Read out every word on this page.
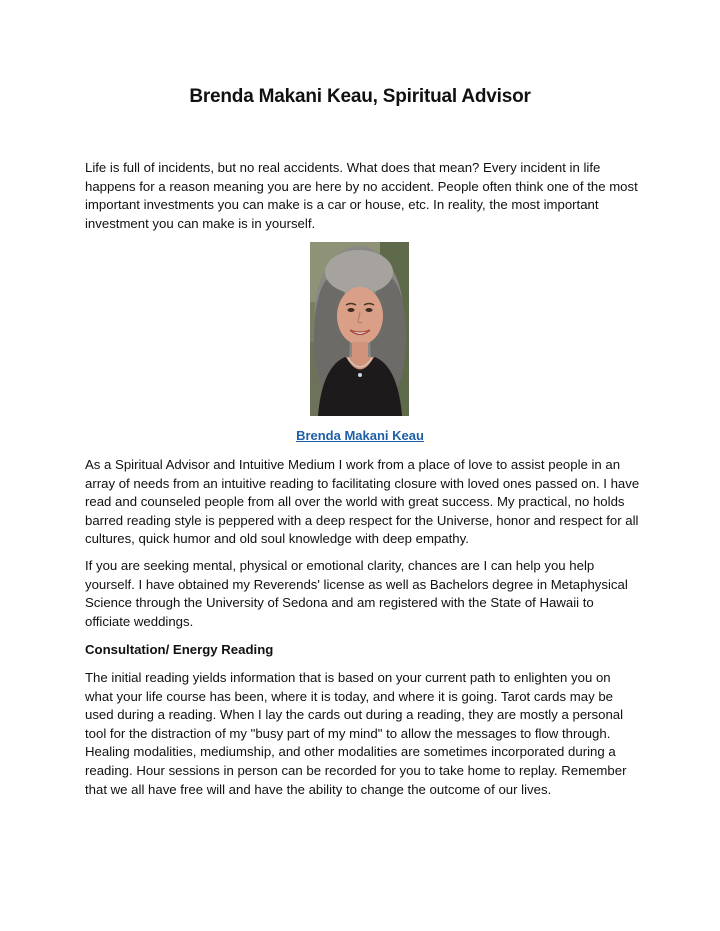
Brenda Makani Keau, Spiritual Advisor

Life is full of incidents, but no real accidents. What does that mean? Every incident in life happens for a reason meaning you are here by no accident. People often think one of the most important investments you can make is a car or house, etc. In reality, the most important investment you can make is in yourself.

Brenda Makani Keau

As a Spiritual Advisor and Intuitive Medium I work from a place of love to assist people in an array of needs from an intuitive reading to facilitating closure with loved ones passed on. I have read and counseled people from all over the world with great success. My practical, no holds barred reading style is peppered with a deep respect for the Universe, honor and respect for all cultures, quick humor and old soul knowledge with deep empathy.

If you are seeking mental, physical or emotional clarity, chances are I can help you help yourself. I have obtained my Reverends' license as well as Bachelors degree in Metaphysical Science through the University of Sedona and am registered with the State of Hawaii to officiate weddings.

Consultation/ Energy Reading

The initial reading yields information that is based on your current path to enlighten you on what your life course has been, where it is today, and where it is going. Tarot cards may be used during a reading. When I lay the cards out during a reading, they are mostly a personal tool for the distraction of my "busy part of my mind" to allow the messages to flow through. Healing modalities, mediumship, and other modalities are sometimes incorporated during a reading. Hour sessions in person can be recorded for you to take home to replay. Remember that we all have free will and have the ability to change the outcome of our lives.
